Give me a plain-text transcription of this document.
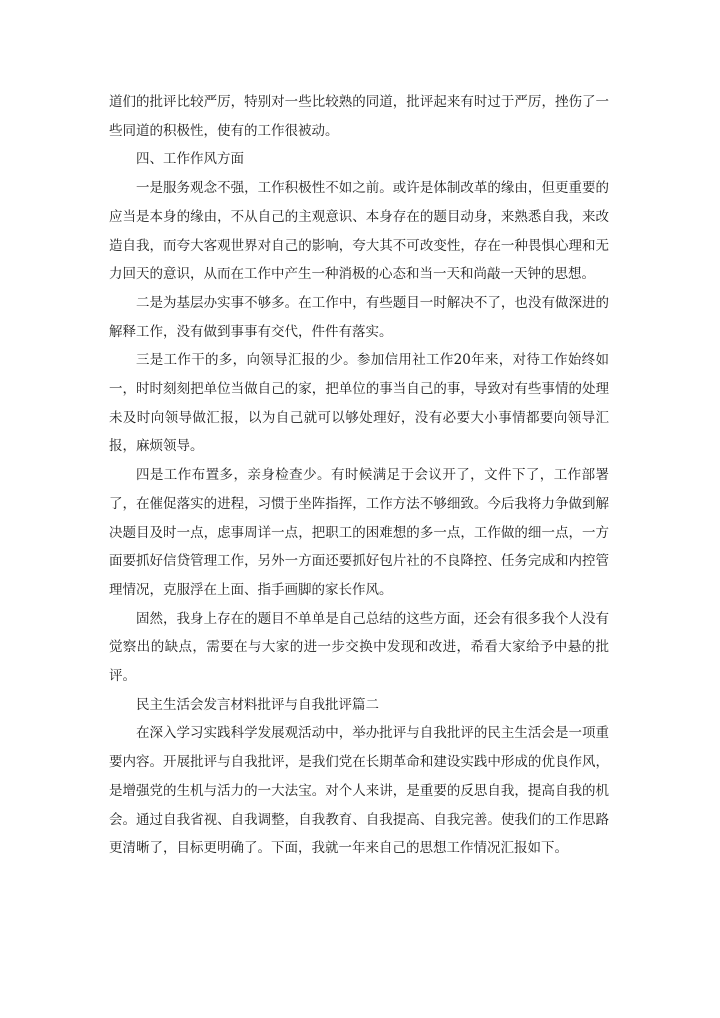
道们的批评比较严厉，特别对一些比较熟的同道，批评起来有时过于严厉，挫伤了一些同道的积极性，使有的工作很被动。

四、工作作风方面

一是服务观念不强，工作积极性不如之前。或许是体制改革的缘由，但更重要的应当是本身的缘由，不从自己的主观意识、本身存在的题目动身，来熟悉自我，来改造自我，而夸大客观世界对自己的影响，夸大其不可改变性，存在一种畏惧心理和无力回天的意识，从而在工作中产生一种消极的心态和当一天和尚敲一天钟的思想。

二是为基层办实事不够多。在工作中，有些题目一时解决不了，也没有做深进的解释工作，没有做到事事有交代，件件有落实。

三是工作干的多，向领导汇报的少。参加信用社工作20年来，对待工作始终如一，时时刻刻把单位当做自己的家，把单位的事当自己的事，导致对有些事情的处理未及时向领导做汇报，以为自己就可以够处理好，没有必要大小事情都要向领导汇报，麻烦领导。

四是工作布置多，亲身检查少。有时候满足于会议开了，文件下了，工作部署了，在催促落实的进程，习惯于坐阵指挥，工作方法不够细致。今后我将力争做到解决题目及时一点，虑事周详一点，把职工的困难想的多一点，工作做的细一点，一方面要抓好信贷管理工作，另外一方面还要抓好包片社的不良降控、任务完成和内控管理情况，克服浮在上面、指手画脚的家长作风。

固然，我身上存在的题目不单单是自己总结的这些方面，还会有很多我个人没有觉察出的缺点，需要在与大家的进一步交换中发现和改进，希看大家给予中悬的批评。

民主生活会发言材料批评与自我批评篇二

在深入学习实践科学发展观活动中，举办批评与自我批评的民主生活会是一项重要内容。开展批评与自我批评，是我们党在长期革命和建设实践中形成的优良作风，是增强党的生机与活力的一大法宝。对个人来讲，是重要的反思自我，提高自我的机会。通过自我省视、自我调整，自我教育、自我提高、自我完善。使我们的工作思路更清晰了，目标更明确了。下面，我就一年来自己的思想工作情况汇报如下。
